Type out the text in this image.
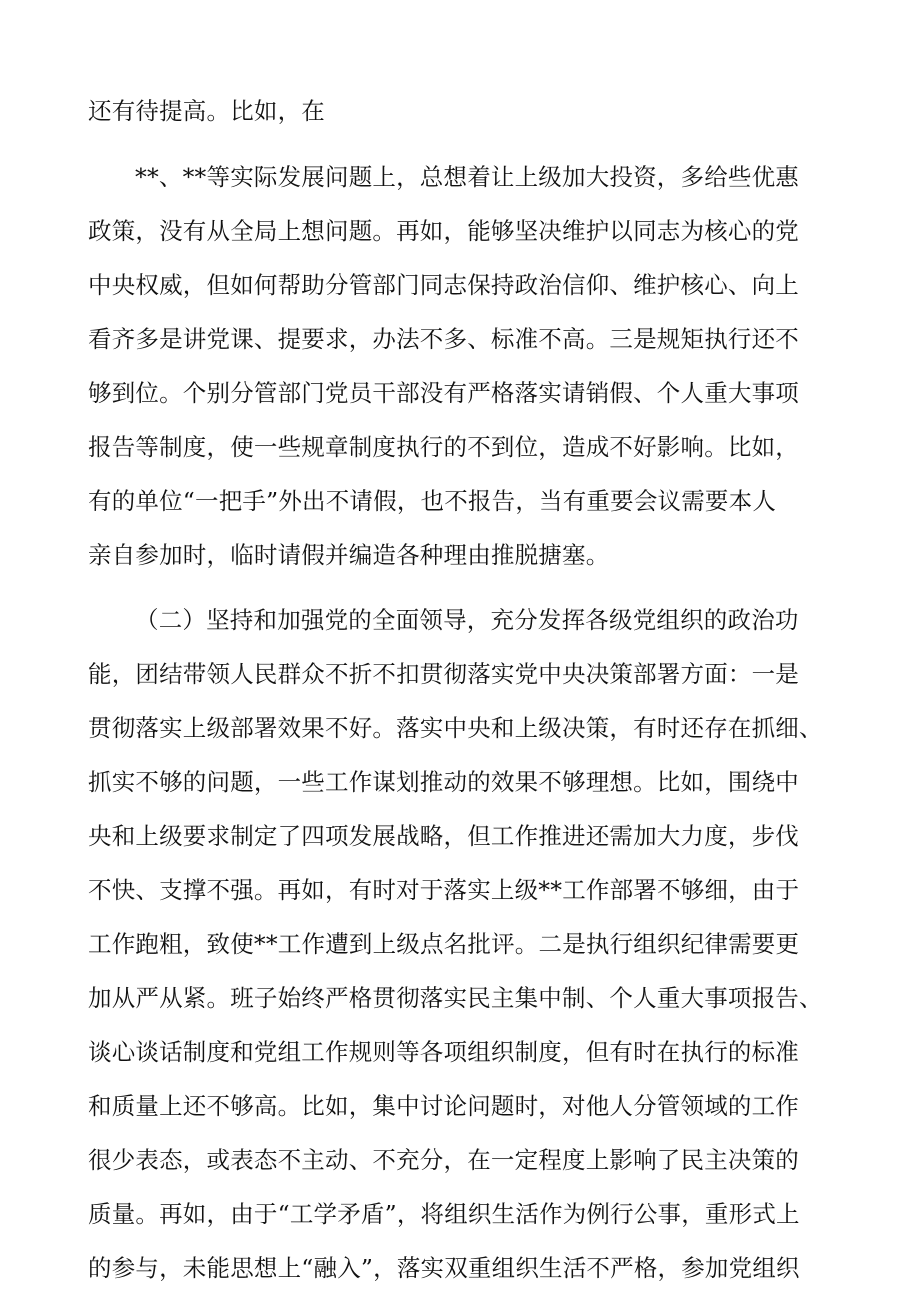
还有待提高。比如，在
**、**等实际发展问题上，总想着让上级加大投资，多给些优惠
政策，没有从全局上想问题。再如，能够坚决维护以同志为核心的党
中央权威，但如何帮助分管部门同志保持政治信仰、维护核心、向上
看齐多是讲党课、提要求，办法不多、标准不高。三是规矩执行还不
够到位。个别分管部门党员干部没有严格落实请销假、个人重大事项
报告等制度，使一些规章制度执行的不到位，造成不好影响。比如，
有的单位“一把手”外出不请假，也不报告，当有重要会议需要本人
亲自参加时，临时请假并编造各种理由推脱搪塞。
（二）坚持和加强党的全面领导，充分发挥各级党组织的政治功
能，团结带领人民群众不折不扣贯彻落实党中央决策部署方面：一是
贯彻落实上级部署效果不好。落实中央和上级决策，有时还存在抓细、
抓实不够的问题，一些工作谋划推动的效果不够理想。比如，围绕中
央和上级要求制定了四项发展战略，但工作推进还需加大力度，步伐
不快、支撑不强。再如，有时对于落实上级**工作部署不够细，由于
工作跑粗，致使**工作遭到上级点名批评。二是执行组织纪律需要更
加从严从紧。班子始终严格贯彻落实民主集中制、个人重大事项报告、
谈心谈话制度和党组工作规则等各项组织制度，但有时在执行的标准
和质量上还不够高。比如，集中讨论问题时，对他人分管领域的工作
很少表态，或表态不主动、不充分，在一定程度上影响了民主决策的
质量。再如，由于“工学矛盾”，将组织生活作为例行公事，重形式上
的参与，未能思想上“融入”，落实双重组织生活不严格，参加党组织
